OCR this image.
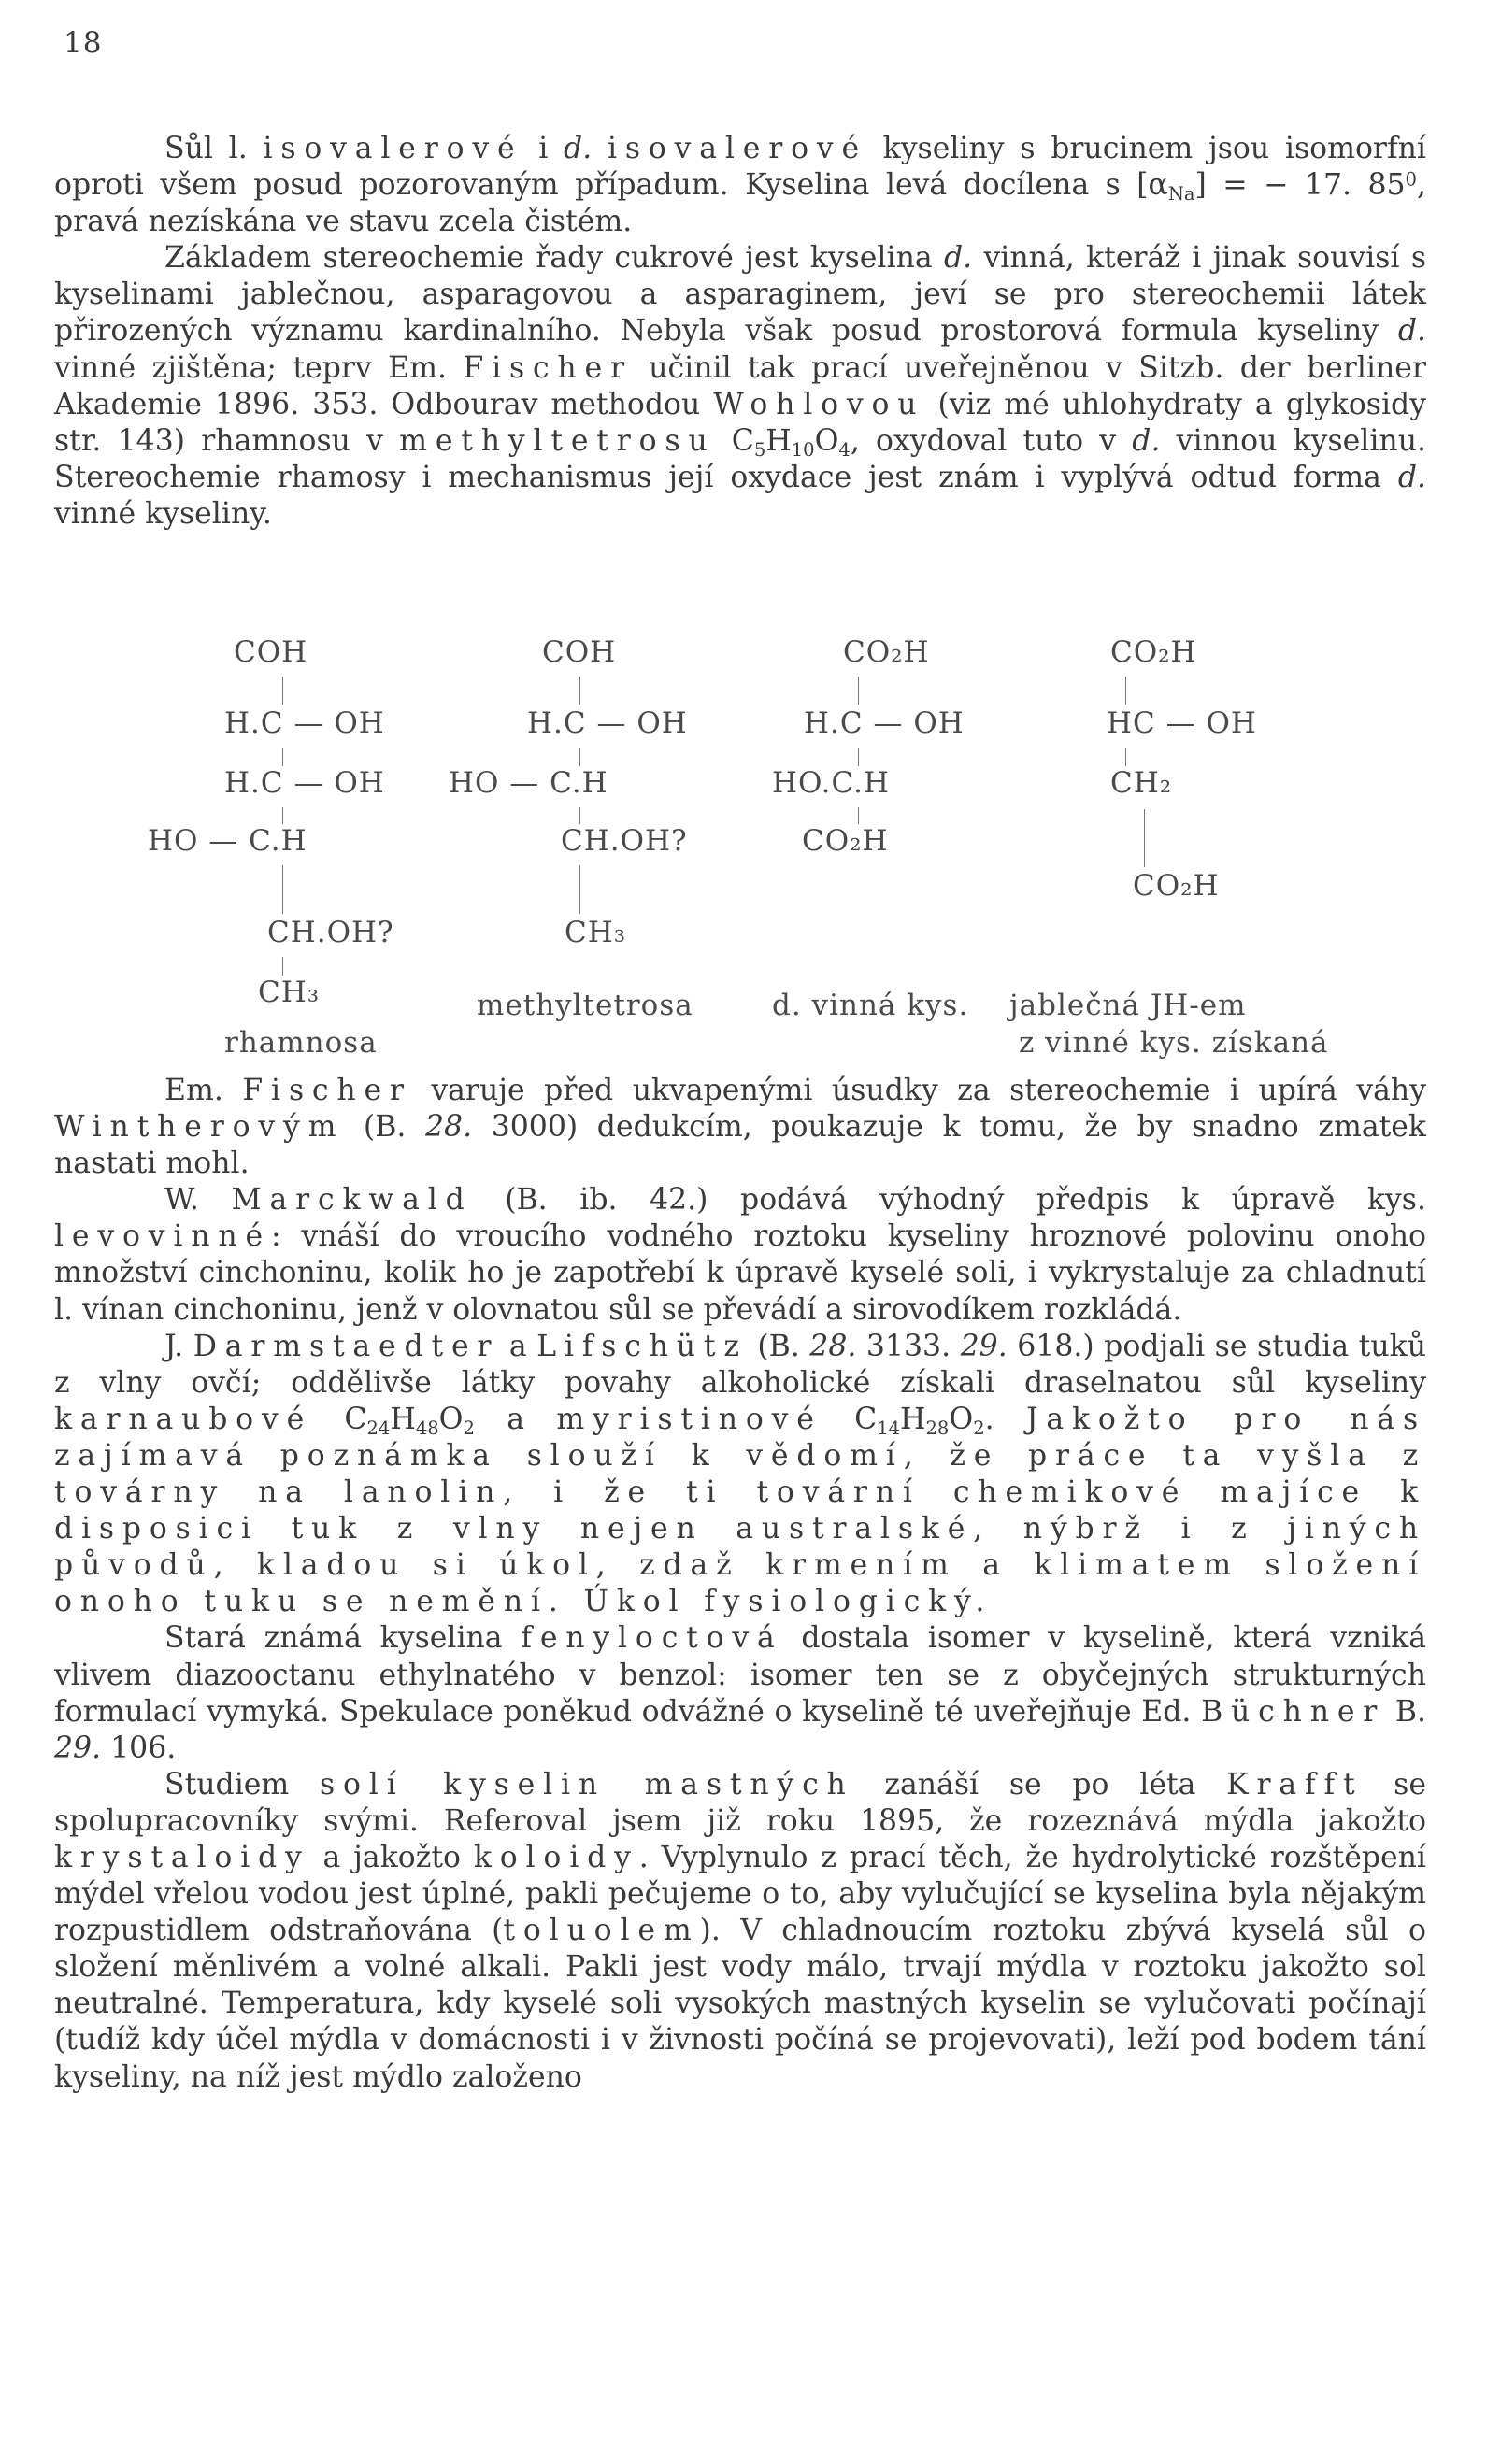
18

Sůl l. isovalerové i d. isovalerové kyseliny s brucinem jsou isomorfní oproti všem posud pozorovaným případum. Kyselina levá docílena s $[\alpha_{Na}]$ = − 17. $85^0$, pravá nezískána ve stavu zcela čistém.

Základem stereochemie řady cukrové jest kyselina d. vinná, kteráž i jinak souvisí s kyselinami jablečnou, asparagovou a asparaginem, jeví se pro stereochemii látek přirozených významu kardinalního. Nebyla však posud prostorová formula kyseliny d. vinné zjištěna; teprv Em. Fischer učinil tak prací uveřejněnou v Sitzb. der berliner Akademie 1896. 353. Odbourav methodou Wohlovou (viz mé uhlohydraty a glykosidy str. 143) rhamnosu v methyltetrosu $C_5H_{10}O_4$, oxydoval tuto v d. vinnou kyselinu. Stereochemie rhamosy i mechanismus její oxydace jest znám i vyplývá odtud forma d. vinné kyseliny.

COH
H.C — OH
H.C — OH
HO — C.H
CH.OH?
CH₃
rhamnosa
COH
H.C — OH
HO — C.H
CH.OH?
CH₃
methyltetrosa
CO₂H
H.C — OH
HO.C.H
CO₂H
d. vinná kys.
CO₂H
HC — OH
CH₂
CO₂H
jablečná JH-em
z vinné kys. získaná

Em. Fischer varuje před ukvapenými úsudky za stereochemie i upírá váhy Wintherovým (B. 28. 3000) dedukcím, poukazuje k tomu, že by snadno zmatek nastati mohl.

W. Marckwald (B. ib. 42.) podává výhodný předpis k úpravě kys. levovinné: vnáší do vroucího vodného roztoku kyseliny hroznové polovinu onoho množství cinchoninu, kolik ho je zapotřebí k úpravě kyselé soli, i vykrystaluje za chladnutí l. vínan cinchoninu, jenž v olovnatou sůl se převádí a sirovodíkem rozkládá.

J. Darmstaedter a Lifschütz (B. 28. 3133. 29. 618.) podjali se studia tuků z vlny ovčí; oddělivše látky povahy alkoholické získali draselnatou sůl kyseliny karnaubové $C_{24}H_{48}O_2$ a myristinové $C_{14}H_{28}O_2$. Jakožto pro nás zajímavá poznámka slouží k vědomí, že práce ta vyšla z továrny na lanolin, i že ti tovární chemikové majíce k disposici tuk z vlny nejen australské, nýbrž i z jiných původů, kladou si úkol, zdaž krmením a klimatem složení onoho tuku se nemění. Úkol fysiologický.

Stará známá kyselina fenyloctová dostala isomer v kyselině, která vzniká vlivem diazooctanu ethylnatého v benzol: isomer ten se z obyčejných strukturných formulací vymyká. Spekulace poněkud odvážné o kyselině té uveřejňuje Ed. Büchner B. 29. 106.

Studiem solí kyselin mastných zanáší se po léta Krafft se spolupracovníky svými. Referoval jsem již roku 1895, že rozeznává mýdla jakožto krystaloidy a jakožto koloidy. Vyplynulo z prací těch, že hydrolytické rozštěpení mýdel vřelou vodou jest úplné, pakli pečujeme o to, aby vylučující se kyselina byla nějakým rozpustidlem odstraňována (toluolem). V chladnoucím roztoku zbývá kyselá sůl o složení měnlivém a volné alkali. Pakli jest vody málo, trvají mýdla v roztoku jakožto sol neutralné. Temperatura, kdy kyselé soli vysokých mastných kyselin se vylučovati počínají (tudíž kdy účel mýdla v domácnosti i v živnosti počíná se projevovati), leží pod bodem tání kyseliny, na níž jest mýdlo založeno
